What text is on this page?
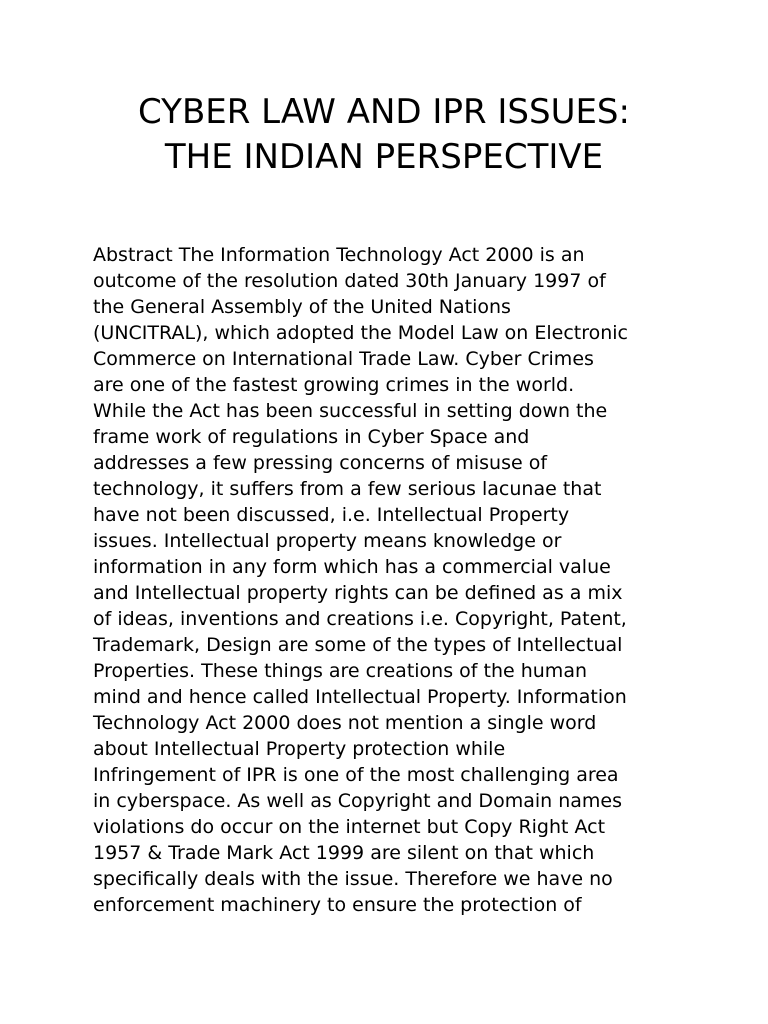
CYBER LAW AND IPR ISSUES:
THE INDIAN PERSPECTIVE
Abstract The Information Technology Act 2000 is an
outcome of the resolution dated 30th January 1997 of
the General Assembly of the United Nations
(UNCITRAL), which adopted the Model Law on Electronic
Commerce on International Trade Law. Cyber Crimes
are one of the fastest growing crimes in the world.
While the Act has been successful in setting down the
frame work of regulations in Cyber Space and
addresses a few pressing concerns of misuse of
technology, it suffers from a few serious lacunae that
have not been discussed, i.e. Intellectual Property
issues. Intellectual property means knowledge or
information in any form which has a commercial value
and Intellectual property rights can be defined as a mix
of ideas, inventions and creations i.e. Copyright, Patent,
Trademark, Design are some of the types of Intellectual
Properties. These things are creations of the human
mind and hence called Intellectual Property. Information
Technology Act 2000 does not mention a single word
about Intellectual Property protection while
Infringement of IPR is one of the most challenging area
in cyberspace. As well as Copyright and Domain names
violations do occur on the internet but Copy Right Act
1957 & Trade Mark Act 1999 are silent on that which
specifically deals with the issue. Therefore we have no
enforcement machinery to ensure the protection of
